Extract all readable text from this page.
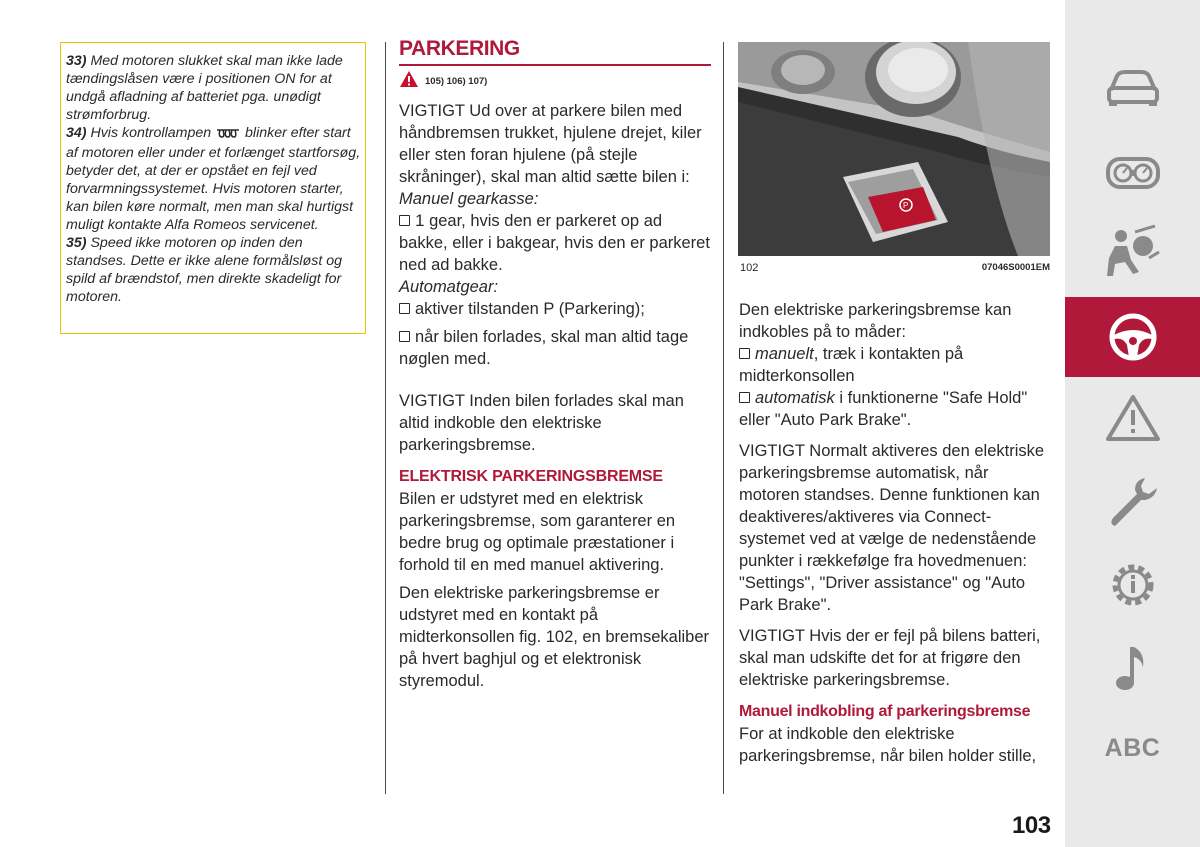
33) Med motoren slukket skal man ikke lade tændingslåsen være i positionen ON for at undgå afladning af batteriet pga. unødigt strømforbrug.

34) Hvis kontrollampen blinker efter start af motoren eller under et forlænget startforsøg, betyder det, at der er opstået en fejl ved forvarmningssystemet. Hvis motoren starter, kan bilen køre normalt, men man skal hurtigst muligt kontakte Alfa Romeos servicenet.

35) Speed ikke motoren op inden den standses. Dette er ikke alene formålsløst og spild af brændstof, men direkte skadeligt for motoren.

PARKERING
105) 106) 107)

VIGTIGT Ud over at parkere bilen med håndbremsen trukket, hjulene drejet, kiler eller sten foran hjulene (på stejle skråninger), skal man altid sætte bilen i:

Manuel gearkasse:

1 gear, hvis den er parkeret op ad bakke, eller i bakgear, hvis den er parkeret ned ad bakke.

Automatgear:

aktiver tilstanden P (Parkering);

når bilen forlades, skal man altid tage nøglen med.

VIGTIGT Inden bilen forlades skal man altid indkoble den elektriske parkeringsbremse.

ELEKTRISK PARKERINGSBREMSE

Bilen er udstyret med en elektrisk parkeringsbremse, som garanterer en bedre brug og optimale præstationer i forhold til en med manuel aktivering.

Den elektriske parkeringsbremse er udstyret med en kontakt på midterkonsollen fig. 102, en bremsekaliber på hvert baghjul og et elektronisk styremodul.

P
102	07046S0001EM

Den elektriske parkeringsbremse kan indkobles på to måder:

manuelt, træk i kontakten på midterkonsollen

automatisk i funktionerne "Safe Hold" eller "Auto Park Brake".

VIGTIGT Normalt aktiveres den elektriske parkeringsbremse automatisk, når motoren standses. Denne funktionen kan deaktiveres/aktiveres via Connect-systemet ved at vælge de nedenstående punkter i rækkefølge fra hovedmenuen: "Settings", "Driver assistance" og "Auto Park Brake".

VIGTIGT Hvis der er fejl på bilens batteri, skal man udskifte det for at frigøre den elektriske parkeringsbremse.

Manuel indkobling af parkeringsbremse

For at indkoble den elektriske parkeringsbremse, når bilen holder stille,	ABC
103
